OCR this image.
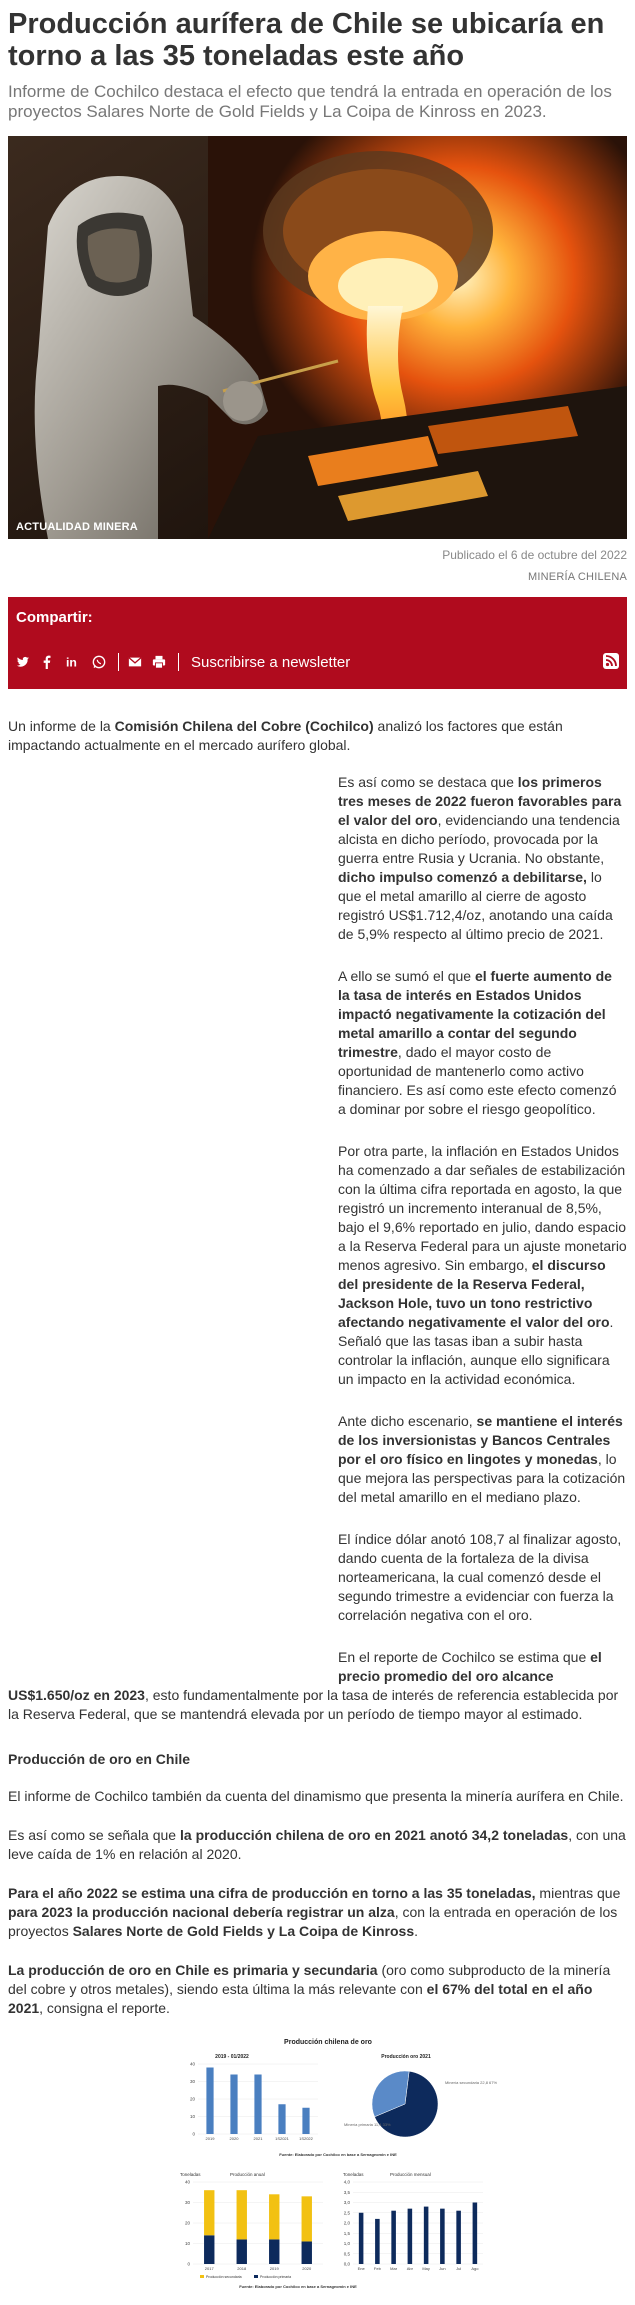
Producción aurífera de Chile se ubicaría en torno a las 35 toneladas este año
Informe de Cochilco destaca el efecto que tendrá la entrada en operación de los proyectos Salares Norte de Gold Fields y La Coipa de Kinross en 2023.
ACTUALIDAD MINERA
Publicado el 6 de octubre del 2022
MINERÍA CHILENA
Compartir:
in	Suscribirse a newsletter

Un informe de la Comisión Chilena del Cobre (Cochilco) analizó los factores que están impactando actualmente en el mercado aurífero global.

Es así como se destaca que los primeros tres meses de 2022 fueron favorables para el valor del oro, evidenciando una tendencia alcista en dicho período, provocada por la guerra entre Rusia y Ucrania. No obstante, dicho impulso comenzó a debilitarse, lo que el metal amarillo al cierre de agosto registró US$1.712,4/oz, anotando una caída de 5,9% respecto al último precio de 2021.

A ello se sumó el que el fuerte aumento de la tasa de interés en Estados Unidos impactó negativamente la cotización del metal amarillo a contar del segundo trimestre, dado el mayor costo de oportunidad de mantenerlo como activo financiero. Es así como este efecto comenzó a dominar por sobre el riesgo geopolítico.

Por otra parte, la inflación en Estados Unidos ha comenzado a dar señales de estabilización con la última cifra reportada en agosto, la que registró un incremento interanual de 8,5%, bajo el 9,6% reportado en julio, dando espacio a la Reserva Federal para un ajuste monetario menos agresivo. Sin embargo, el discurso del presidente de la Reserva Federal, Jackson Hole, tuvo un tono restrictivo afectando negativamente el valor del oro. Señaló que las tasas iban a subir hasta controlar la inflación, aunque ello significara un impacto en la actividad económica.

Ante dicho escenario, se mantiene el interés de los inversionistas y Bancos Centrales por el oro físico en lingotes y monedas, lo que mejora las perspectivas para la cotización del metal amarillo en el mediano plazo.

El índice dólar anotó 108,7 al finalizar agosto, dando cuenta de la fortaleza de la divisa norteamericana, la cual comenzó desde el segundo trimestre a evidenciar con fuerza la correlación negativa con el oro.

En el reporte de Cochilco se estima que el precio promedio del oro alcance

US$1.650/oz en 2023, esto fundamentalmente por la tasa de interés de referencia establecida por la Reserva Federal, que se mantendrá elevada por un período de tiempo mayor al estimado.

Producción de oro en Chile

El informe de Cochilco también da cuenta del dinamismo que presenta la minería aurífera en Chile.

Es así como se señala que la producción chilena de oro en 2021 anotó 34,2 toneladas, con una leve caída de 1% en relación al 2020.

Para el año 2022 se estima una cifra de producción en torno a las 35 toneladas, mientras que para 2023 la producción nacional debería registrar un alza, con la entrada en operación de los proyectos Salares Norte de Gold Fields y La Coipa de Kinross.

La producción de oro en Chile es primaria y secundaria (oro como subproducto de la minería del cobre y otros metales), siendo esta última la más relevante con el 67% del total en el año 2021, consigna el reporte.

Producción chilena de oro
2019 - 01/2022	Producción oro 2021
0
10
20
30
40
2019	2020	2021	1S2021	1S2022
Minería secundaria 22,8 67%
Minería primaria 11,4 33%
Fuente: Elaborado por Cochilco en base a Sernageomin e INE
Toneladas	Producción anual	Toneladas	Producción mensual
0
10
20
30
40
2017	2018	2019	2020
0,0
0,5
1,0
1,5
2,0
2,5
3,0
3,5
4,0
Ene Feb Mar Abr May Jun	Jul	Ago
Producción secundaria	Producción primaria
Fuente: Elaborado por Cochilco en base a Sernageomin e INE
